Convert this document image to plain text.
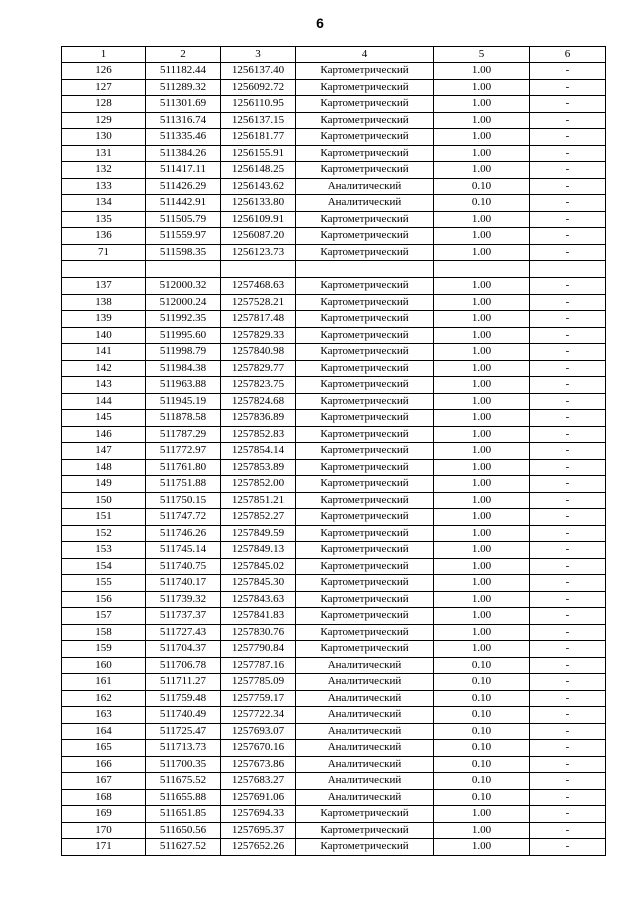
6
1	2	3	4	5	6
126	511182.44	1256137.40	Картометрический	1.00	-
127	511289.32	1256092.72	Картометрический	1.00	-
128	511301.69	1256110.95	Картометрический	1.00	-
129	511316.74	1256137.15	Картометрический	1.00	-
130	511335.46	1256181.77	Картометрический	1.00	-
131	511384.26	1256155.91	Картометрический	1.00	-
132	511417.11	1256148.25	Картометрический	1.00	-
133	511426.29	1256143.62	Аналитический	0.10	-
134	511442.91	1256133.80	Аналитический	0.10	-
135	511505.79	1256109.91	Картометрический	1.00	-
136	511559.97	1256087.20	Картометрический	1.00	-
71	511598.35	1256123.73	Картометрический	1.00	-

137	512000.32	1257468.63	Картометрический	1.00	-
138	512000.24	1257528.21	Картометрический	1.00	-
139	511992.35	1257817.48	Картометрический	1.00	-
140	511995.60	1257829.33	Картометрический	1.00	-
141	511998.79	1257840.98	Картометрический	1.00	-
142	511984.38	1257829.77	Картометрический	1.00	-
143	511963.88	1257823.75	Картометрический	1.00	-
144	511945.19	1257824.68	Картометрический	1.00	-
145	511878.58	1257836.89	Картометрический	1.00	-
146	511787.29	1257852.83	Картометрический	1.00	-
147	511772.97	1257854.14	Картометрический	1.00	-
148	511761.80	1257853.89	Картометрический	1.00	-
149	511751.88	1257852.00	Картометрический	1.00	-
150	511750.15	1257851.21	Картометрический	1.00	-
151	511747.72	1257852.27	Картометрический	1.00	-
152	511746.26	1257849.59	Картометрический	1.00	-
153	511745.14	1257849.13	Картометрический	1.00	-
154	511740.75	1257845.02	Картометрический	1.00	-
155	511740.17	1257845.30	Картометрический	1.00	-
156	511739.32	1257843.63	Картометрический	1.00	-
157	511737.37	1257841.83	Картометрический	1.00	-
158	511727.43	1257830.76	Картометрический	1.00	-
159	511704.37	1257790.84	Картометрический	1.00	-
160	511706.78	1257787.16	Аналитический	0.10	-
161	511711.27	1257785.09	Аналитический	0.10	-
162	511759.48	1257759.17	Аналитический	0.10	-
163	511740.49	1257722.34	Аналитический	0.10	-
164	511725.47	1257693.07	Аналитический	0.10	-
165	511713.73	1257670.16	Аналитический	0.10	-
166	511700.35	1257673.86	Аналитический	0.10	-
167	511675.52	1257683.27	Аналитический	0.10	-
168	511655.88	1257691.06	Аналитический	0.10	-
169	511651.85	1257694.33	Картометрический	1.00	-
170	511650.56	1257695.37	Картометрический	1.00	-
171	511627.52	1257652.26	Картометрический	1.00	-
